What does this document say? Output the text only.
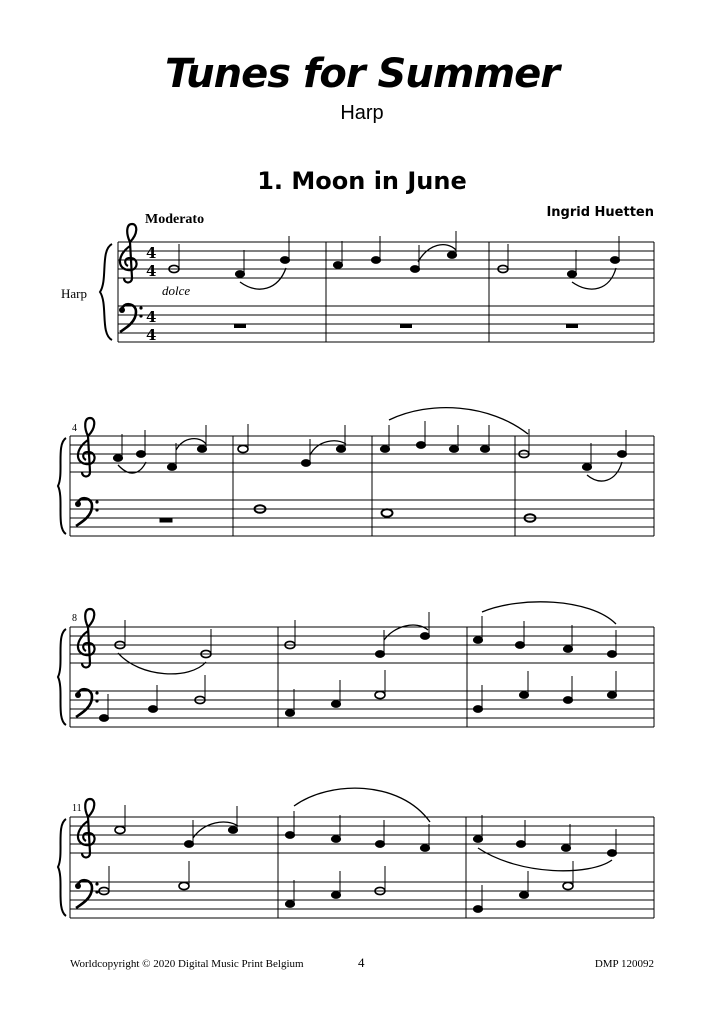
Tunes for Summer
Harp
1. Moon in June
Ingrid Huetten
Moderato
Harp	dolce
4
8
11
4
4
4
4
Worldcopyright © 2020 Digital Music Print Belgium	4	DMP 120092
